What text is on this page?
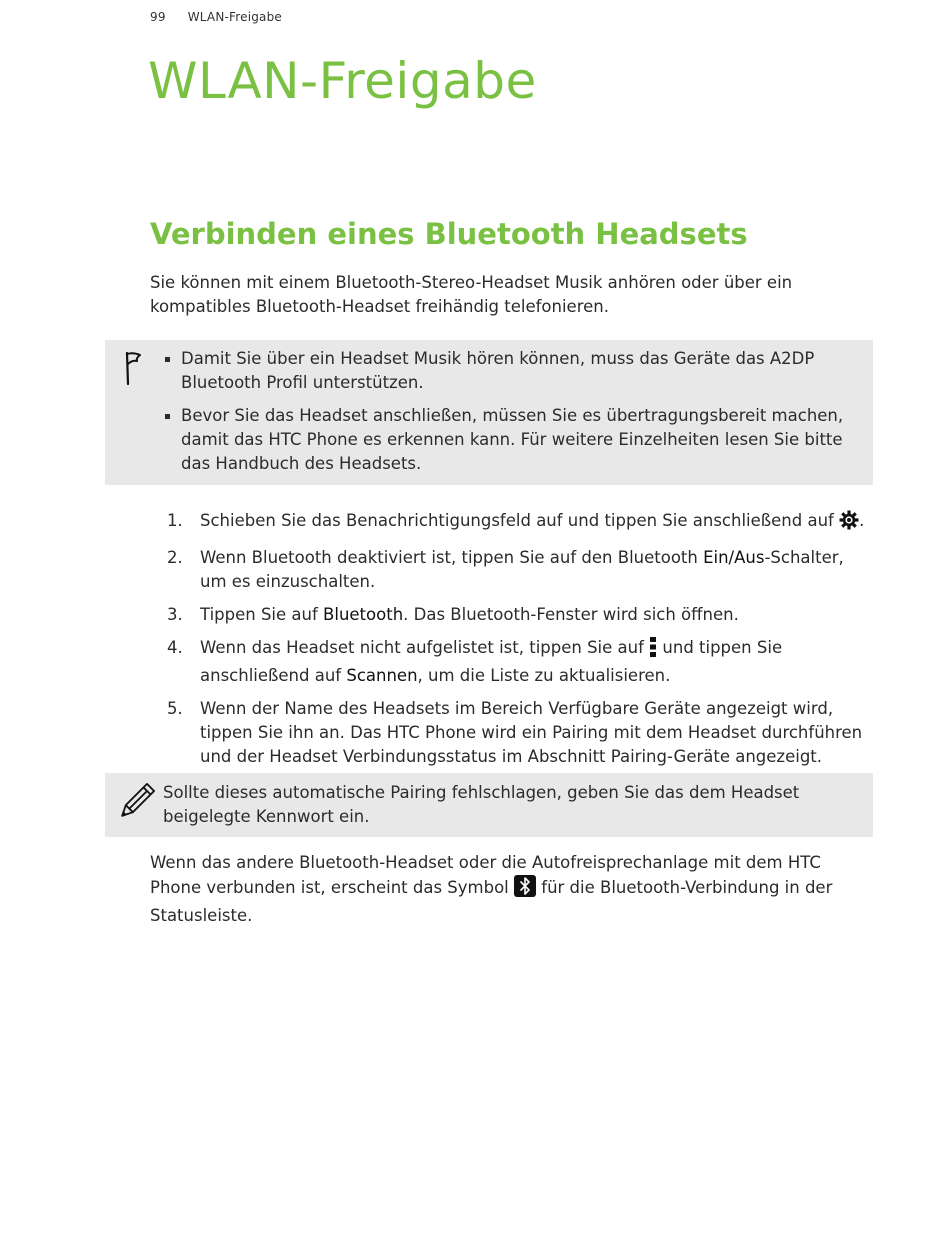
99 WLAN-Freigabe
WLAN-Freigabe
Verbinden eines Bluetooth Headsets

Sie können mit einem Bluetooth-Stereo-Headset Musik anhören oder über ein kompatibles Bluetooth-Headset freihändig telefonieren.

Damit Sie über ein Headset Musik hören können, muss das Geräte das A2DP Bluetooth Profil unterstützen.
Bevor Sie das Headset anschließen, müssen Sie es übertragungsbereit machen, damit das HTC Phone es erkennen kann. Für weitere Einzelheiten lesen Sie bitte das Handbuch des Headsets.
1. Schieben Sie das Benachrichtigungsfeld auf und tippen Sie anschließend auf .
2. Wenn Bluetooth deaktiviert ist, tippen Sie auf den Bluetooth Ein/Aus-Schalter, um es einzuschalten.
3. Tippen Sie auf Bluetooth. Das Bluetooth-Fenster wird sich öffnen.
4. Wenn das Headset nicht aufgelistet ist, tippen Sie auf  und tippen Sie anschließend auf Scannen, um die Liste zu aktualisieren.
5. Wenn der Name des Headsets im Bereich Verfügbare Geräte angezeigt wird, tippen Sie ihn an. Das HTC Phone wird ein Pairing mit dem Headset durchführen und der Headset Verbindungsstatus im Abschnitt Pairing-Geräte angezeigt.

Sollte dieses automatische Pairing fehlschlagen, geben Sie das dem Headset beigelegte Kennwort ein.

Wenn das andere Bluetooth-Headset oder die Autofreisprechanlage mit dem HTC Phone verbunden ist, erscheint das Symbol  für die Bluetooth-Verbindung in der Statusleiste.
